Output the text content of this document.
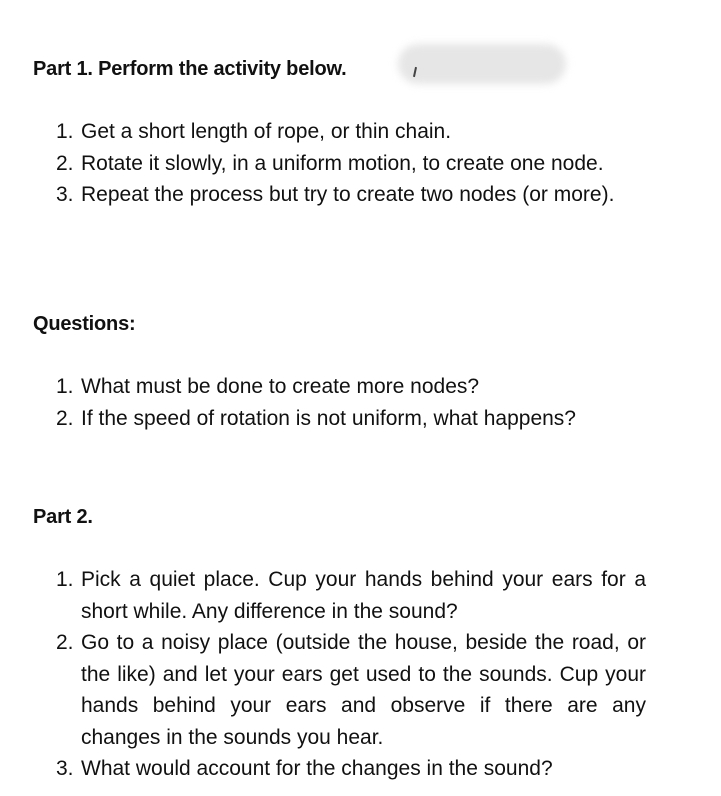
Part 1. Perform the activity below.
1. Get a short length of rope, or thin chain.
2. Rotate it slowly, in a uniform motion, to create one node.
3. Repeat the process but try to create two nodes (or more).
Questions:
1. What must be done to create more nodes?
2. If the speed of rotation is not uniform, what happens?
Part 2.
1. Pick a quiet place. Cup your hands behind your ears for a short while. Any difference in the sound?
2. Go to a noisy place (outside the house, beside the road, or the like) and let your ears get used to the sounds. Cup your hands behind your ears and observe if there are any changes in the sounds you hear.
3. What would account for the changes in the sound?
